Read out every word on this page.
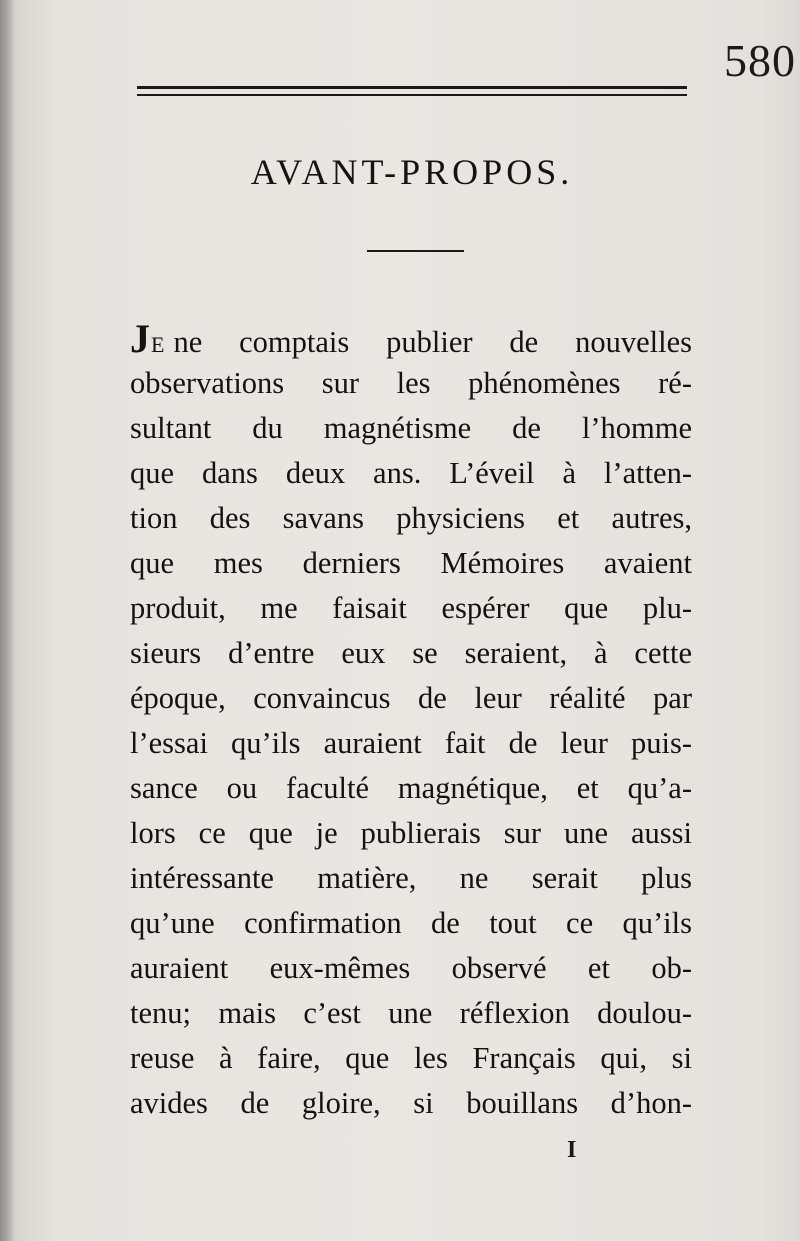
580
AVANT-PROPOS.
JE ne comptais publier de nouvelles
observations sur les phénomènes ré-
sultant du magnétisme de l’homme
que dans deux ans. L’éveil à l’atten-
tion des savans physiciens et autres,
que mes derniers Mémoires avaient
produit, me faisait espérer que plu-
sieurs d’entre eux se seraient, à cette
époque, convaincus de leur réalité par
l’essai qu’ils auraient fait de leur puis-
sance ou faculté magnétique, et qu’a-
lors ce que je publierais sur une aussi
intéressante matière, ne serait plus
qu’une confirmation de tout ce qu’ils
auraient eux-mêmes observé et ob-
tenu; mais c’est une réflexion doulou-
reuse à faire, que les Français qui, si
avides de gloire, si bouillans d’hon-
I
